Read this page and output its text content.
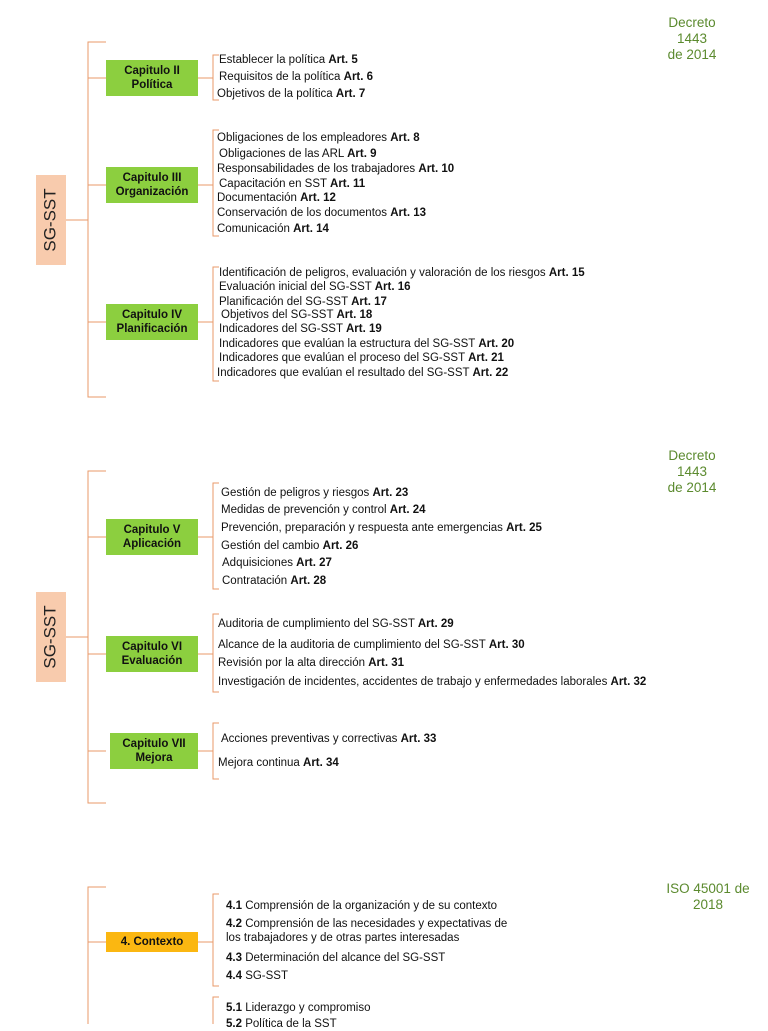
Decreto 1443
de 2014
SG-SST
Capitulo II
Política
Establecer la política Art. 5
Requisitos de la política Art. 6
Objetivos de la política Art. 7
Capitulo III
Organización
Obligaciones de los empleadores Art. 8
Obligaciones de las ARL Art. 9
Responsabilidades de los trabajadores Art. 10
Capacitación en SST Art. 11
Documentación Art. 12
Conservación de los documentos Art. 13
Comunicación Art. 14
Capitulo IV
Planificación
Identificación de peligros, evaluación y valoración de los riesgos Art. 15
Evaluación inicial del SG-SST Art. 16
Planificación del SG-SST Art. 17
Objetivos del SG-SST Art. 18
Indicadores del SG-SST Art. 19
Indicadores que evalúan la estructura del SG-SST Art. 20
Indicadores que evalúan el proceso del SG-SST Art. 21
Indicadores que evalúan el resultado del SG-SST Art. 22
Decreto 1443
de 2014
SG-SST
Capitulo V
Aplicación
Gestión de peligros y riesgos Art. 23
Medidas de prevención y control Art. 24
Prevención, preparación y respuesta ante emergencias Art. 25
Gestión del cambio Art. 26
Adquisiciones Art. 27
Contratación Art. 28
Capitulo VI
Evaluación
Auditoria de cumplimiento del SG-SST Art. 29
Alcance de la auditoria de cumplimiento del SG-SST Art. 30
Revisión por la alta dirección Art. 31
Investigación de incidentes, accidentes de trabajo y enfermedades laborales Art. 32
Capitulo VII
Mejora
Acciones preventivas y correctivas Art. 33
Mejora continua Art. 34
ISO 45001 de
2018
4. Contexto
4.1 Comprensión de la organización y de su contexto
4.2 Comprensión de las necesidades y expectativas de
los trabajadores y de otras partes interesadas
4.3 Determinación del alcance del SG-SST
4.4 SG-SST
5.1 Liderazgo y compromiso
5.2 Política de la SST
